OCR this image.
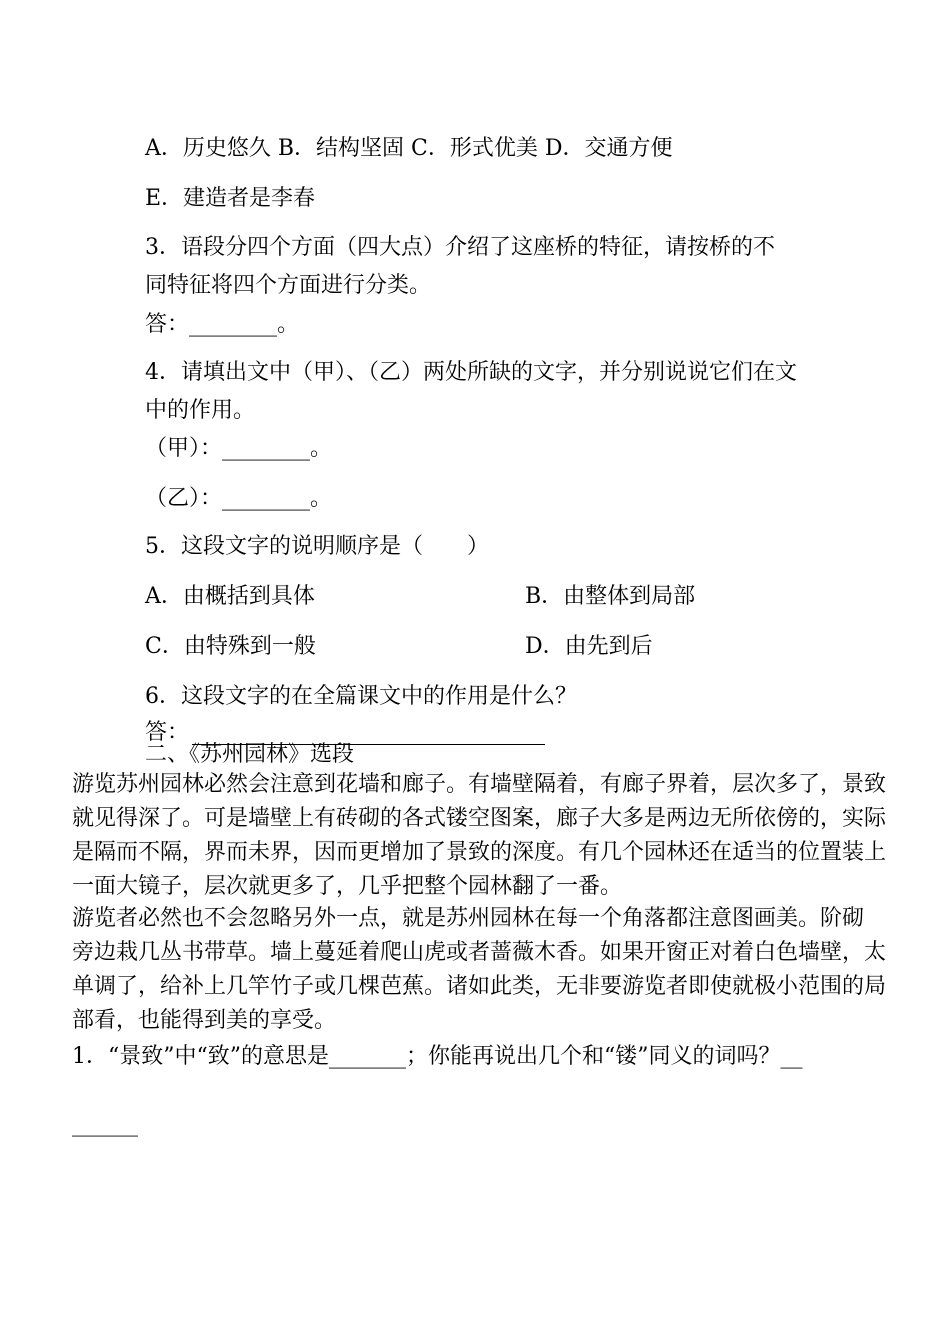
A．历史悠久 B．结构坚固 C．形式优美 D．交通方便
E．建造者是李春
3．语段分四个方面（四大点）介绍了这座桥的特征，请按桥的不
同特征将四个方面进行分类。
答：________。
4．请填出文中（甲）、（乙）两处所缺的文字，并分别说说它们在文
中的作用。
（甲）：________。
（乙）：________。
5．这段文字的说明顺序是（　　）
A．由概括到具体	B．由整体到局部
C．由特殊到一般	D．由先到后
6．这段文字的在全篇课文中的作用是什么？
答：
二、《苏州园林》选段
游览苏州园林必然会注意到花墙和廊子。有墙壁隔着，有廊子界着，层次多了，景致
就见得深了。可是墙壁上有砖砌的各式镂空图案，廊子大多是两边无所依傍的，实际
是隔而不隔，界而未界，因而更增加了景致的深度。有几个园林还在适当的位置装上
一面大镜子，层次就更多了，几乎把整个园林翻了一番。
游览者必然也不会忽略另外一点，就是苏州园林在每一个角落都注意图画美。阶砌
旁边栽几丛书带草。墙上蔓延着爬山虎或者蔷薇木香。如果开窗正对着白色墙壁，太
单调了，给补上几竿竹子或几棵芭蕉。诸如此类，无非要游览者即使就极小范围的局
部看，也能得到美的享受。
1．“景致”中“致”的意思是_______；你能再说出几个和“镂”同义的词吗？__
______
